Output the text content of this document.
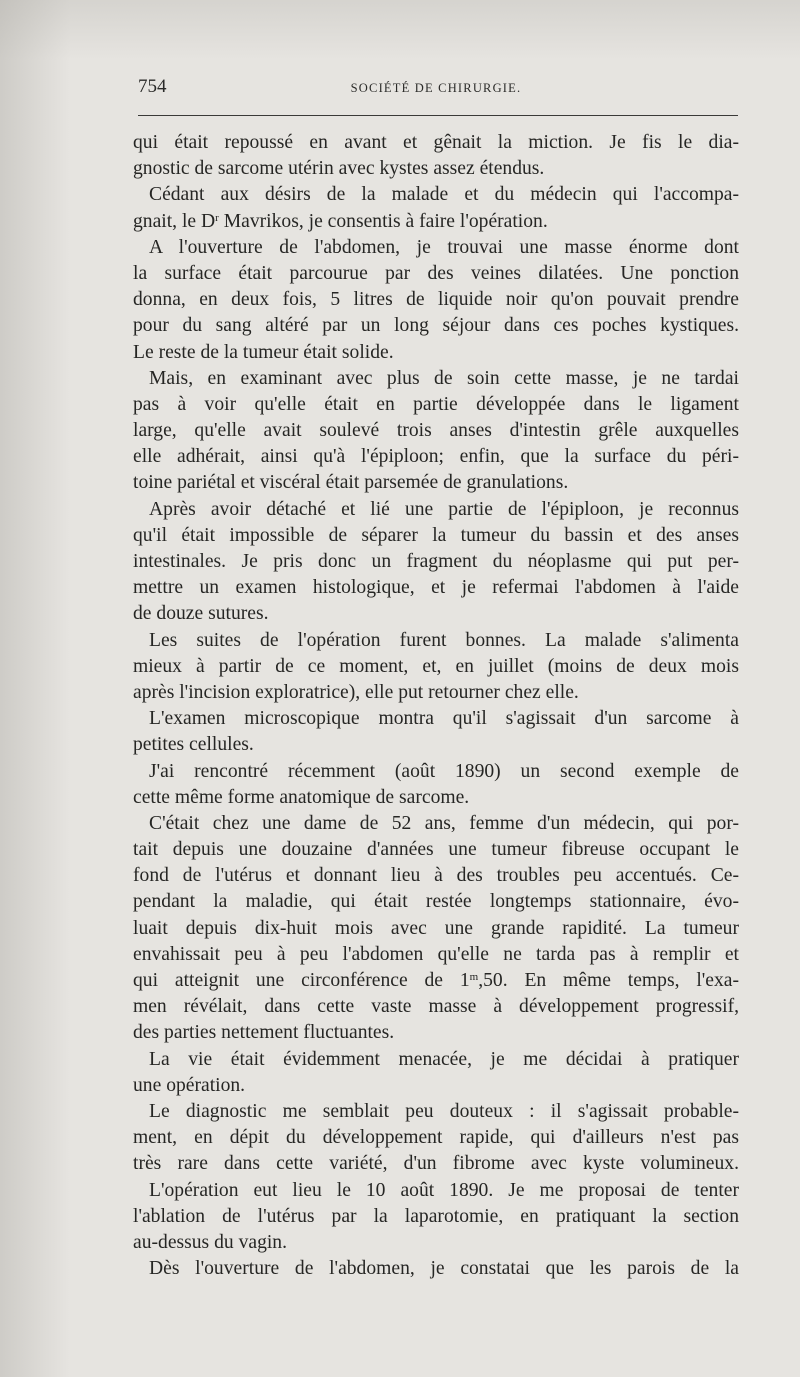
754	SOCIÉTÉ DE CHIRURGIE.
qui était repoussé en avant et gênait la miction. Je fis le dia-
gnostic de sarcome utérin avec kystes assez étendus.
Cédant aux désirs de la malade et du médecin qui l'accompa-
gnait, le $D^r$ Mavrikos, je consentis à faire l'opération.
A l'ouverture de l'abdomen, je trouvai une masse énorme dont
la surface était parcourue par des veines dilatées. Une ponction
donna, en deux fois, 5 litres de liquide noir qu'on pouvait prendre
pour du sang altéré par un long séjour dans ces poches kystiques.
Le reste de la tumeur était solide.
Mais, en examinant avec plus de soin cette masse, je ne tardai
pas à voir qu'elle était en partie développée dans le ligament
large, qu'elle avait soulevé trois anses d'intestin grêle auxquelles
elle adhérait, ainsi qu'à l'épiploon; enfin, que la surface du péri-
toine pariétal et viscéral était parsemée de granulations.
Après avoir détaché et lié une partie de l'épiploon, je reconnus
qu'il était impossible de séparer la tumeur du bassin et des anses
intestinales. Je pris donc un fragment du néoplasme qui put per-
mettre un examen histologique, et je refermai l'abdomen à l'aide
de douze sutures.
Les suites de l'opération furent bonnes. La malade s'alimenta
mieux à partir de ce moment, et, en juillet (moins de deux mois
après l'incision exploratrice), elle put retourner chez elle.
L'examen microscopique montra qu'il s'agissait d'un sarcome à
petites cellules.
J'ai rencontré récemment (août 1890) un second exemple de
cette même forme anatomique de sarcome.
C'était chez une dame de 52 ans, femme d'un médecin, qui por-
tait depuis une douzaine d'années une tumeur fibreuse occupant le
fond de l'utérus et donnant lieu à des troubles peu accentués. Ce-
pendant la maladie, qui était restée longtemps stationnaire, évo-
luait depuis dix-huit mois avec une grande rapidité. La tumeur
envahissait peu à peu l'abdomen qu'elle ne tarda pas à remplir et
qui atteignit une circonférence de 1$^m$,50. En même temps, l'exa-
men révélait, dans cette vaste masse à développement progressif,
des parties nettement fluctuantes.
La vie était évidemment menacée, je me décidai à pratiquer
une opération.
Le diagnostic me semblait peu douteux : il s'agissait probable-
ment, en dépit du développement rapide, qui d'ailleurs n'est pas
très rare dans cette variété, d'un fibrome avec kyste volumineux.
L'opération eut lieu le 10 août 1890. Je me proposai de tenter
l'ablation de l'utérus par la laparotomie, en pratiquant la section
au-dessus du vagin.
Dès l'ouverture de l'abdomen, je constatai que les parois de la
